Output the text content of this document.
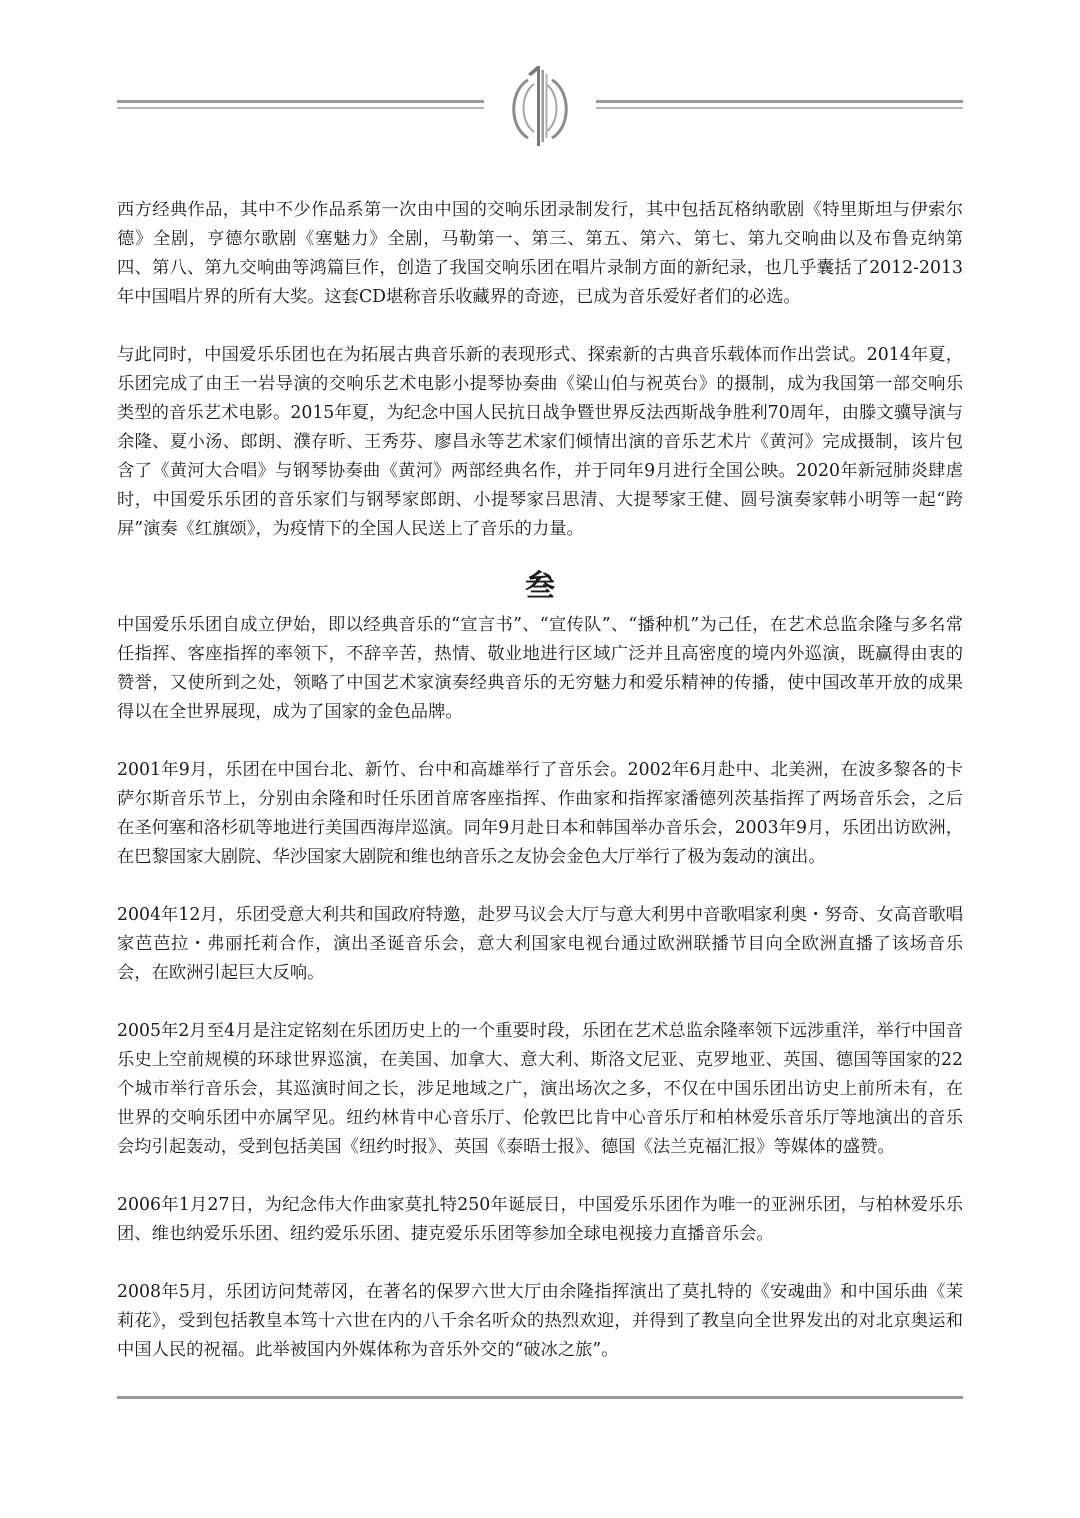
西方经典作品，其中不少作品系第一次由中国的交响乐团录制发行，其中包括瓦格纳歌剧《特里斯坦与伊索尔德》全剧，亨德尔歌剧《塞魅力》全剧，马勒第一、第三、第五、第六、第七、第九交响曲以及布鲁克纳第四、第八、第九交响曲等鸿篇巨作，创造了我国交响乐团在唱片录制方面的新纪录，也几乎囊括了2012-2013年中国唱片界的所有大奖。这套CD堪称音乐收藏界的奇迹，已成为音乐爱好者们的必选。

与此同时，中国爱乐乐团也在为拓展古典音乐新的表现形式、探索新的古典音乐载体而作出尝试。2014年夏，乐团完成了由王一岩导演的交响乐艺术电影小提琴协奏曲《梁山伯与祝英台》的摄制，成为我国第一部交响乐类型的音乐艺术电影。2015年夏，为纪念中国人民抗日战争暨世界反法西斯战争胜利70周年，由滕文骥导演与余隆、夏小汤、郎朗、濮存昕、王秀芬、廖昌永等艺术家们倾情出演的音乐艺术片《黄河》完成摄制，该片包含了《黄河大合唱》与钢琴协奏曲《黄河》两部经典名作，并于同年9月进行全国公映。2020年新冠肺炎肆虐时，中国爱乐乐团的音乐家们与钢琴家郎朗、小提琴家吕思清、大提琴家王健、圆号演奏家韩小明等一起“跨屏”演奏《红旗颂》，为疫情下的全国人民送上了音乐的力量。

叁

中国爱乐乐团自成立伊始，即以经典音乐的“宣言书”、“宣传队”、“播种机”为己任，在艺术总监余隆与多名常任指挥、客座指挥的率领下，不辞辛苦，热情、敬业地进行区域广泛并且高密度的境内外巡演，既赢得由衷的赞誉，又使所到之处，领略了中国艺术家演奏经典音乐的无穷魅力和爱乐精神的传播，使中国改革开放的成果得以在全世界展现，成为了国家的金色品牌。

2001年9月，乐团在中国台北、新竹、台中和高雄举行了音乐会。2002年6月赴中、北美洲，在波多黎各的卡萨尔斯音乐节上，分别由余隆和时任乐团首席客座指挥、作曲家和指挥家潘德列茨基指挥了两场音乐会，之后在圣何塞和洛杉矶等地进行美国西海岸巡演。同年9月赴日本和韩国举办音乐会，2003年9月，乐团出访欧洲，在巴黎国家大剧院、华沙国家大剧院和维也纳音乐之友协会金色大厅举行了极为轰动的演出。

2004年12月，乐团受意大利共和国政府特邀，赴罗马议会大厅与意大利男中音歌唱家利奥・努奇、女高音歌唱家芭芭拉・弗丽托莉合作，演出圣诞音乐会，意大利国家电视台通过欧洲联播节目向全欧洲直播了该场音乐会，在欧洲引起巨大反响。

2005年2月至4月是注定铭刻在乐团历史上的一个重要时段，乐团在艺术总监余隆率领下远涉重洋，举行中国音乐史上空前规模的环球世界巡演，在美国、加拿大、意大利、斯洛文尼亚、克罗地亚、英国、德国等国家的22个城市举行音乐会，其巡演时间之长，涉足地域之广，演出场次之多，不仅在中国乐团出访史上前所未有，在世界的交响乐团中亦属罕见。纽约林肯中心音乐厅、伦敦巴比肯中心音乐厅和柏林爱乐音乐厅等地演出的音乐会均引起轰动，受到包括美国《纽约时报》、英国《泰晤士报》、德国《法兰克福汇报》等媒体的盛赞。

2006年1月27日，为纪念伟大作曲家莫扎特250年诞辰日，中国爱乐乐团作为唯一的亚洲乐团，与柏林爱乐乐团、维也纳爱乐乐团、纽约爱乐乐团、捷克爱乐乐团等参加全球电视接力直播音乐会。

2008年5月，乐团访问梵蒂冈，在著名的保罗六世大厅由余隆指挥演出了莫扎特的《安魂曲》和中国乐曲《茉莉花》，受到包括教皇本笃十六世在内的八千余名听众的热烈欢迎，并得到了教皇向全世界发出的对北京奥运和中国人民的祝福。此举被国内外媒体称为音乐外交的“破冰之旅”。
